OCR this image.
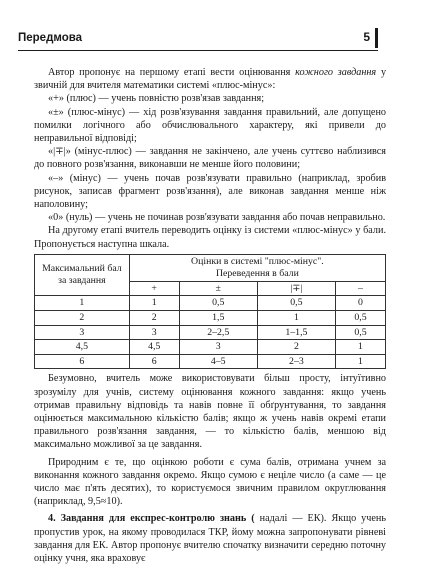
Передмова	5

Автор пропонує на першому етапі вести оцінювання кожного завдання у звичній для вчителя математики системі «плюс-мінус»:

«+» (плюс) — учень повністю розв'язав завдання;

«±» (плюс-мінус) — хід розв'язування завдання правильний, але допущено помилки логічного або обчислювального характеру, які привели до неправильної відповіді;

«|∓|» (мінус-плюс) — завдання не закінчено, але учень суттєво наблизився до повного розв'язання, виконавши не менше його половини;

«–» (мінус) — учень почав розв'язувати правильно (наприклад, зробив рисунок, записав фрагмент розв'язання), але виконав завдання менше ніж наполовину;

«0» (нуль) — учень не починав розв'язувати завдання або почав неправильно.

На другому етапі вчитель переводить оцінку із системи «плюс-мінус» у бали. Пропонується наступна шкала.

Максимальний бал за завдання	Оцінки в системі "плюс-мінус".
Переведення в бали			
	+	±	|∓|	–
1	1	0,5	0,5	0
2	2	1,5	1	0,5
3	3	2–2,5	1–1,5	0,5
4,5	4,5	3	2	1
6	6	4–5	2–3	1

Безумовно, вчитель може використовувати більш просту, інтуїтивно зрозумілу для учнів, систему оцінювання кожного завдання: якщо учень отримав правильну відповідь та навів повне її обґрунтування, то завдання оцінюється максимальною кількістю балів; якщо ж учень навів окремі етапи правильного розв'язання завдання, — то кількістю балів, меншою від максимально можливої за це завдання.

Природним є те, що оцінкою роботи є сума балів, отримана учнем за виконання кожного завдання окремо. Якщо сумою є неціле число (а саме — це число має п'ять десятих), то користуємося звичним правилом округлювання (наприклад, 9,5≈10).

4. Завдання для експрес-контролю знань ( надалі — ЕК). Якщо учень пропустив урок, на якому проводилася ТКР, йому можна запропонувати рівневі завдання для ЕК. Автор пропонує вчителю спочатку визначити середню поточну оцінку учня, яка враховує
